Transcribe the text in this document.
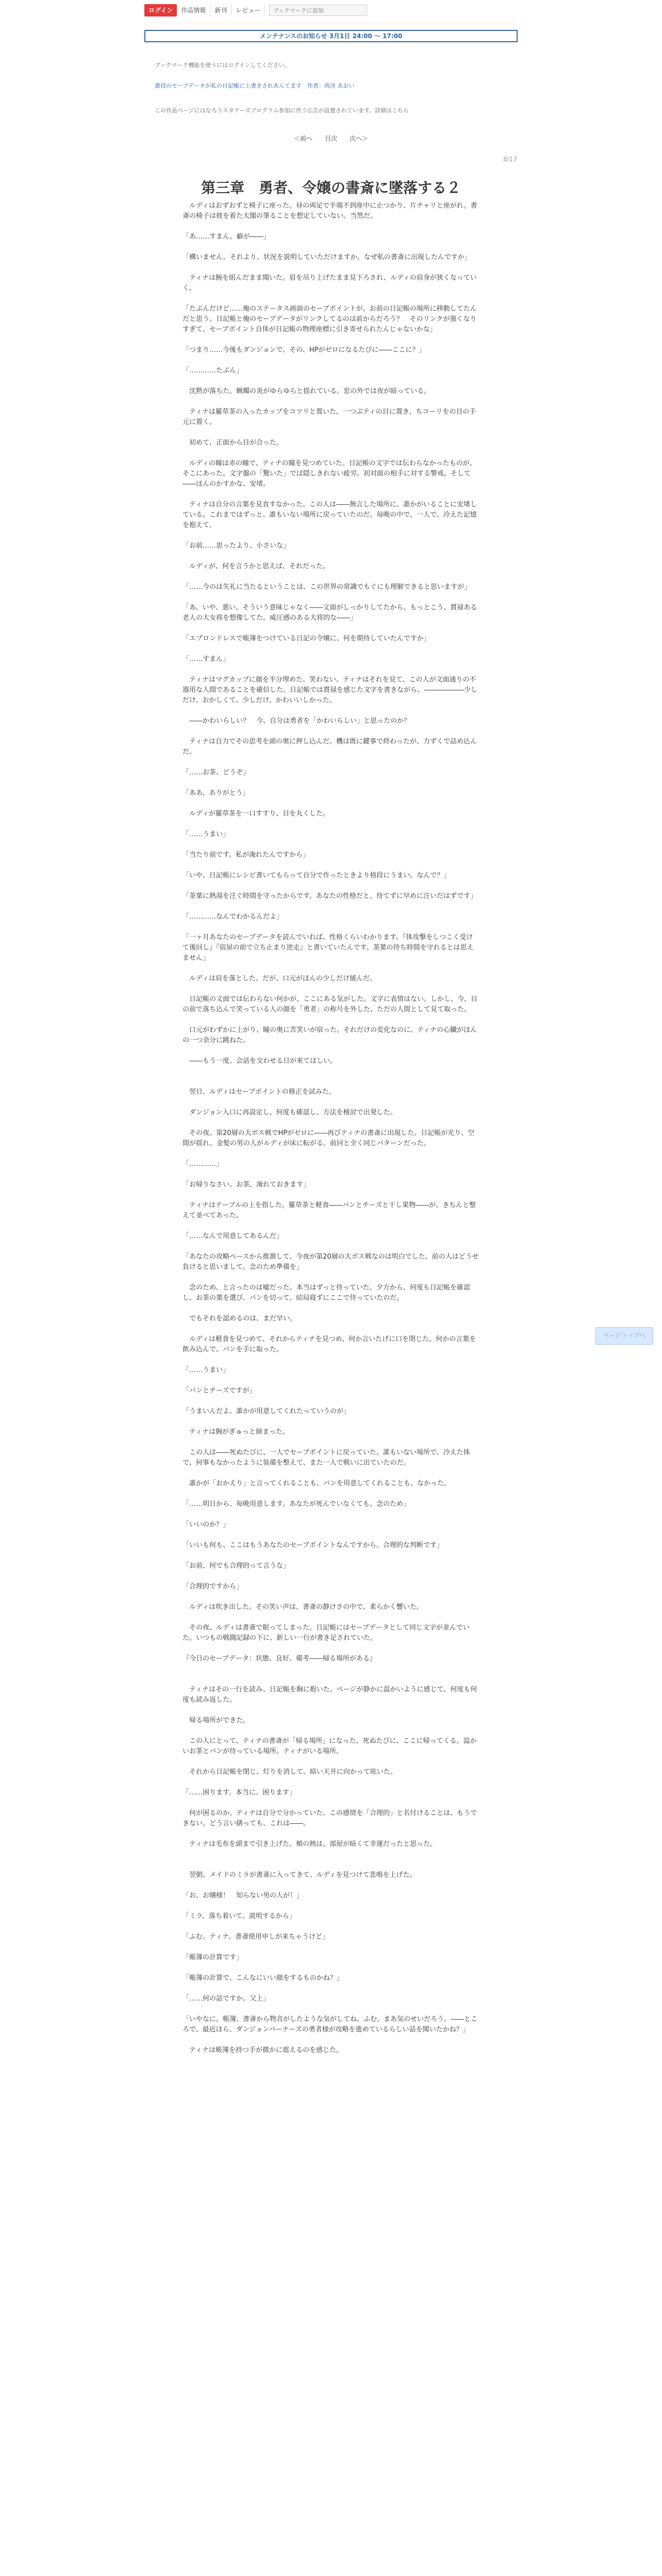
ログイン	作品情報	新刊	レビュー
ブックマークに追加
メンテナンスのお知らせ 3月1日 24:00 〜 17:00
ブックマーク機能を使うにはログインしてください。
悪役のセーブデータが私の日記帳に上書きされあんてます　作者：尚冴 あおい
この作品ページにはなろうスタアーズプログラム参加に伴う広告が設置されています。詳細はこちら
＜前へ 目次 次へ＞
8/17
第三章　勇者、令嬢の書斎に墜落する２

　ルディはおずおずと椅子に座った。昼の両足で半端不到座中に止つかり、片チャリと座がれ。書斎の椅子は彼を着た大閣の筆ることを想定していない。当然だ。

「あ……すまん。癖が――」

「構いません。それより、状況を説明していただけますか。なぜ私の書斎に出現したんですか」

　ティナは腕を組んだまま聞いた。眉を吊り上げたまま見下ろされ、ルディの肩身が狭くなっていく。

「たぶんだけど……俺のステータス画面のセーブポイントが、お前の日記帳の場所に移動してたんだと思う。日記帳と俺のセーブデータがリンクしてるのは前からだろう？　そのリンクが強くなりすぎて、セーブポイント自体が日記帳の物理座標に引き寄せられたんじゃないかな」

「つまり……今後もダンジョンで、その、HPがゼロになるたびに――ここに？」

「…………たぶん」

　沈黙が落ちた。蝋燭の炎がゆらゆらと揺れている。窓の外では夜が暗っている。

　ティナは羅草茶の入ったカップをコツリと置いた。一つぶティの目に置き、ちコーリをの目の手元に置く。

　初めて、正面から目が合った。

　ルディの瞳は赤の瞳で、ティナの瞳を見つめていた。日記帳の文字では伝わらなかったものが、そこにあった。文字盤の「驚いた」では隠しきれない疲労。初対面の相手に対する警戒。そして――ほんのかすかな、安堵。

　ティナは自分の言葉を見直すなかった。この人は――無言した場所に、誰かがいることに安堵している。これまではずっと、誰もいない場所に戻っていたのだ。毎晩の中で、一人で。冷えた記憶を抱えて。

「お前……思ったより、小さいな」

　ルディが、何を言うかと思えば、それだった。

「……今のは失礼に当たるということは、この世界の常識でもぐにも理解できると思いますが」

「あ、いや、悪い。そういう意味じゃなく――文面がしっかりしてたから、もっとこう、貫禄ある老人の大女将を想像してた。威圧感のある大将的な――」

「エプロンドレスで帳簿をつけている日記の令嬢に、何を期待していたんですか」

「……すまん」

　ティナはマグカップに顔を半分埋めた。笑わない。ティナはそれを見て、この人が文面通りの不器用な人間であることを確信した。日記帳では貫禄を感じた文字を書きながら、――――――少しだけ、おかしくて、少しだけ、かわいいしかった。

　――かわいらしい？　今、自分は勇者を「かわいらしい」と思ったのか？

　ティナは自力でその思考を頭の奥に押し込んだ。機は既に鍵事で終わったが、力ずくで詰め込んだ。

「……お茶、どうぞ」

「ああ、ありがとう」

　ルディが羅草茶を一口すすり、目を丸くした。

「……うまい」

「当たり前です。私が淹れたんですから」

「いや、日記帳にレシピ書いてもらって自分で作ったときより格段にうまい。なんで？」

「茶葉に熱湯を注ぐ時間を守ったからです。あなたの性格だと、待てずに早めに注いだはずです」

「…………なんでわかるんだよ」

「一ヶ月あなたのセーブデータを読んでいれば、性格くらいわかります。『体攻撃をしつこく受けて後回し』『宿屋の前で立ち止まり逆走』と書いていたんです。茶葉の待ち時間を守れるとは思えません」

　ルディは肩を落とした。だが、口元がほんの少しだけ緩んだ。

　日記帳の文面では伝わらない何かが、ここにある気がした。文字に表情はない。しかし、今、目の前で落ち込んで笑っている人の顔を「勇者」の称号を外した、ただの人間として見て取った。

　口元がわずかに上がり、瞳の奥に苦笑いが宿った。それだけの変化なのに、ティナの心臓がほんの一つ余分に跳ねた。

　――もう一度、会話を交わせる日が来てほしい。

　翌日、ルディはセーブポイントの修正を試みた。

　ダンジョン入口に再設定し、何度も確認し、方法を検討で出発した。

　その夜、第20層の大ボス戦でHPがゼロに――再びティナの書斎に出現した。日記帳が光り、空間が揺れ、金髪の男の人がルディが床に転がる。前回と全く同じパターンだった。

「…………」

「お帰りなさい。お茶、淹れておきます」

　ティナはテーブルの上を指した。羅草茶と軽食――パンとチーズと干し果物――が、きちんと整えて並べてあった。

「……なんで用意してあるんだ」

「あなたの攻略ペースから推測して、今夜が第20層の大ボス戦なのは明白でした。前の人はどうせ負けると思いまして。念のため準備を」

　念のため、と言ったのは嘘だった。本当はずっと待っていた。夕方から、何度も日記帳を確認し、お茶の葉を選び、パンを切って、結局寝ずにここで待っていたのだ。

　でもそれを認めるのは、まだ早い。

　ルディは軽食を見つめて、それからティナを見つめ、何か言いたげに口を閉じた。何かの言葉を飲み込んで、パンを手に取った。

「……うまい」

「パンとチーズですが」

「うまいんだよ。誰かが用意してくれたっていうのが」

　ティナは胸がぎゅっと締まった。

　この人は――死ぬたびに、一人でセーブポイントに戻っていた。誰もいない場所で、冷えた体で、何事もなかったように装備を整えて、また一人で戦いに出ていたのだ。

　誰かが「おかえり」と言ってくれることも、パンを用意してくれることも、なかった。

「……明日から、毎晩用意します。あなたが死んでいなくても、念のため」

「いいのか？」

「いいも何も、ここはもうあなたのセーブポイントなんですから。合理的な判断です」

「お前、何でも合理的って言うな」

「合理的ですから」

　ルディは吹き出した。その笑い声は、書斎の静けさの中で、柔らかく響いた。

　その夜、ルディは書斎で眠ってしまった。日記帳にはセーブデータとして同じ文字が並んでいた。いつもの戦闘記録の下に、新しい一行が書き足されていた。

『今日のセーブデータ：状態、良好。備考――帰る場所がある』

　ティナはその一行を読み、日記帳を胸に抱いた。ページが静かに温かいように感じて、何度も何度も読み返した。

　帰る場所ができた。

　この人にとって、ティナの書斎が「帰る場所」になった。死ぬたびに、ここに帰ってくる。温かいお茶とパンが待っている場所。ティナがいる場所。

　それから日記帳を閉じ、灯りを消して、暗い天井に向かって呟いた。

「……困ります。本当に。困ります」

　何が困るのか。ティナは自分で分かっていた。この感情を「合理的」と名付けることは、もうできない。どう言い繕っても、これは――。

　ティナは毛布を頭まで引き上げた。頬の熱は、部屋が暗くて幸運だったと思った。

　翌朝、メイドのミラが書斎に入ってきて、ルディを見つけて悲鳴を上げた。

「お、お嬢様！　知らない男の人が！」

「ミラ、落ち着いて。説明するから」

「ふむ。ティナ、書斎使用申しが来ちゃうけど」

「帳簿の計算です」

「帳簿の計算で、こんなにいい顔をするものかね？」

「……何の話ですか。父上」

「いやなに。帳簿。書斎から物音がしたような気がしてね。ふむ。まあ気のせいだろう。――ところで、最近ほら、ダンジョンバーナーズの勇者様が攻略を進めているらしい話を聞いたかね？」

　ティナは帳簿を持つ手が微かに震えるのを感じた。

ページトップへ
